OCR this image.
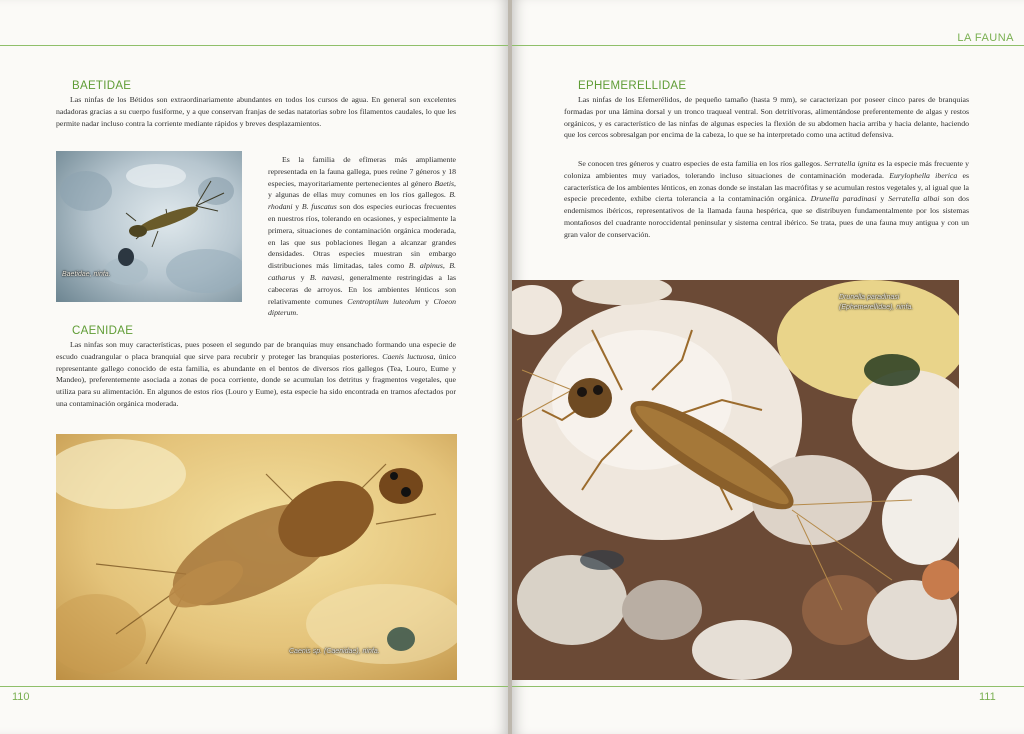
BAETIDAE

Las ninfas de los Bétidos son extraordinariamente abundantes en todos los cursos de agua. En general son excelentes nadadoras gracias a su cuerpo fusiforme, y a que conservan franjas de sedas natatorias sobre los filamentos caudales, lo que les permite nadar incluso contra la corriente mediante rápidos y breves desplazamientos.

Baetidae, ninfa.

Es la familia de efímeras más ampliamente representada en la fauna gallega, pues reúne 7 géneros y 18 especies, mayoritariamente pertenecientes al género Baetis, y algunas de ellas muy comunes en los ríos gallegos. B. rhodani y B. fuscatus son dos especies euriocas frecuentes en nuestros ríos, tolerando en ocasiones, y especialmente la primera, situaciones de contaminación orgánica moderada, en las que sus poblaciones llegan a alcanzar grandes densidades. Otras especies muestran sin embargo distribuciones más limitadas, tales como B. alpinus, B. catharus y B. navasi, generalmente restringidas a las cabeceras de arroyos. En los ambientes lénticos son relativamente comunes Centroptilum luteolum y Cloeon dipterum.

CAENIDAE

Las ninfas son muy características, pues poseen el segundo par de branquias muy ensanchado formando una especie de escudo cuadrangular o placa branquial que sirve para recubrir y proteger las branquias posteriores. Caenis luctuosa, único representante gallego conocido de esta familia, es abundante en el bentos de diversos ríos gallegos (Tea, Louro, Eume y Mandeo), preferentemente asociada a zonas de poca corriente, donde se acumulan los detritus y fragmentos vegetales, que utiliza para su alimentación. En algunos de estos ríos (Louro y Eume), esta especie ha sido encontrada en tramos afectados por una contaminación orgánica moderada.

Caenis sp. (Caenidae), ninfa.
110
LA FAUNA
EPHEMERELLIDAE

Las ninfas de los Efemerélidos, de pequeño tamaño (hasta 9 mm), se caracterizan por poseer cinco pares de branquias formadas por una lámina dorsal y un tronco traqueal ventral. Son detritívoras, alimentándose preferentemente de algas y restos orgánicos, y es característico de las ninfas de algunas especies la flexión de su abdomen hacia arriba y hacia delante, haciendo que los cercos sobresalgan por encima de la cabeza, lo que se ha interpretado como una actitud defensiva.

Se conocen tres géneros y cuatro especies de esta familia en los ríos gallegos. Serratella ignita es la especie más frecuente y coloniza ambientes muy variados, tolerando incluso situaciones de contaminación moderada. Eurylophella iberica es característica de los ambientes lénticos, en zonas donde se instalan las macrófitas y se acumulan restos vegetales y, al igual que la especie precedente, exhibe cierta tolerancia a la contaminación orgánica. Drunella paradinasi y Serratella albai son dos endemismos ibéricos, representativos de la llamada fauna hespérica, que se distribuyen fundamentalmente por los sistemas montañosos del cuadrante noroccidental peninsular y sistema central ibérico. Se trata, pues de una fauna muy antigua y con un gran valor de conservación.

Drunella paradinasi
(Ephemerellidae), ninfa.
111
